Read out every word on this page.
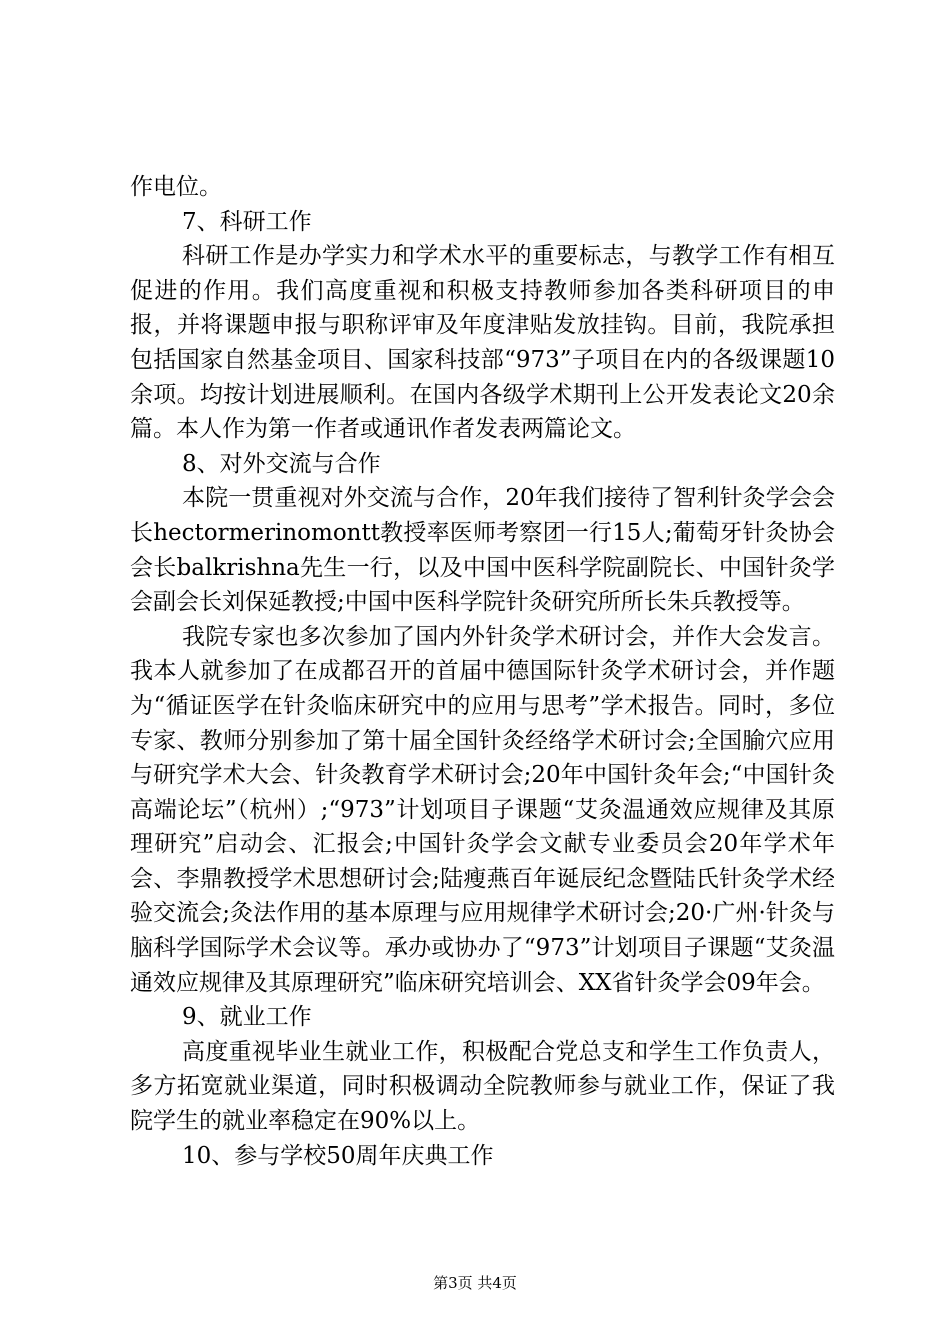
作电位。

7、科研工作

科研工作是办学实力和学术水平的重要标志，与教学工作有相互促进的作用。我们高度重视和积极支持教师参加各类科研项目的申报，并将课题申报与职称评审及年度津贴发放挂钩。目前，我院承担包括国家自然基金项目、国家科技部“973”子项目在内的各级课题10余项。均按计划进展顺利。在国内各级学术期刊上公开发表论文20余篇。本人作为第一作者或通讯作者发表两篇论文。

8、对外交流与合作

本院一贯重视对外交流与合作，20年我们接待了智利针灸学会会长hectormerinomontt教授率医师考察团一行15人;葡萄牙针灸协会会长balkrishna先生一行，以及中国中医科学院副院长、中国针灸学会副会长刘保延教授;中国中医科学院针灸研究所所长朱兵教授等。

我院专家也多次参加了国内外针灸学术研讨会，并作大会发言。我本人就参加了在成都召开的首届中德国际针灸学术研讨会，并作题为“循证医学在针灸临床研究中的应用与思考”学术报告。同时，多位专家、教师分别参加了第十届全国针灸经络学术研讨会;全国腧穴应用与研究学术大会、针灸教育学术研讨会;20年中国针灸年会;“中国针灸高端论坛”（杭州）;“973”计划项目子课题“艾灸温通效应规律及其原理研究”启动会、汇报会;中国针灸学会文献专业委员会20年学术年会、李鼎教授学术思想研讨会;陆瘦燕百年诞辰纪念暨陆氏针灸学术经验交流会;灸法作用的基本原理与应用规律学术研讨会;20·广州·针灸与脑科学国际学术会议等。承办或协办了“973”计划项目子课题“艾灸温通效应规律及其原理研究”临床研究培训会、XX省针灸学会09年会。

9、就业工作

高度重视毕业生就业工作，积极配合党总支和学生工作负责人，多方拓宽就业渠道，同时积极调动全院教师参与就业工作，保证了我院学生的就业率稳定在90%以上。

10、参与学校50周年庆典工作

第3页 共4页
